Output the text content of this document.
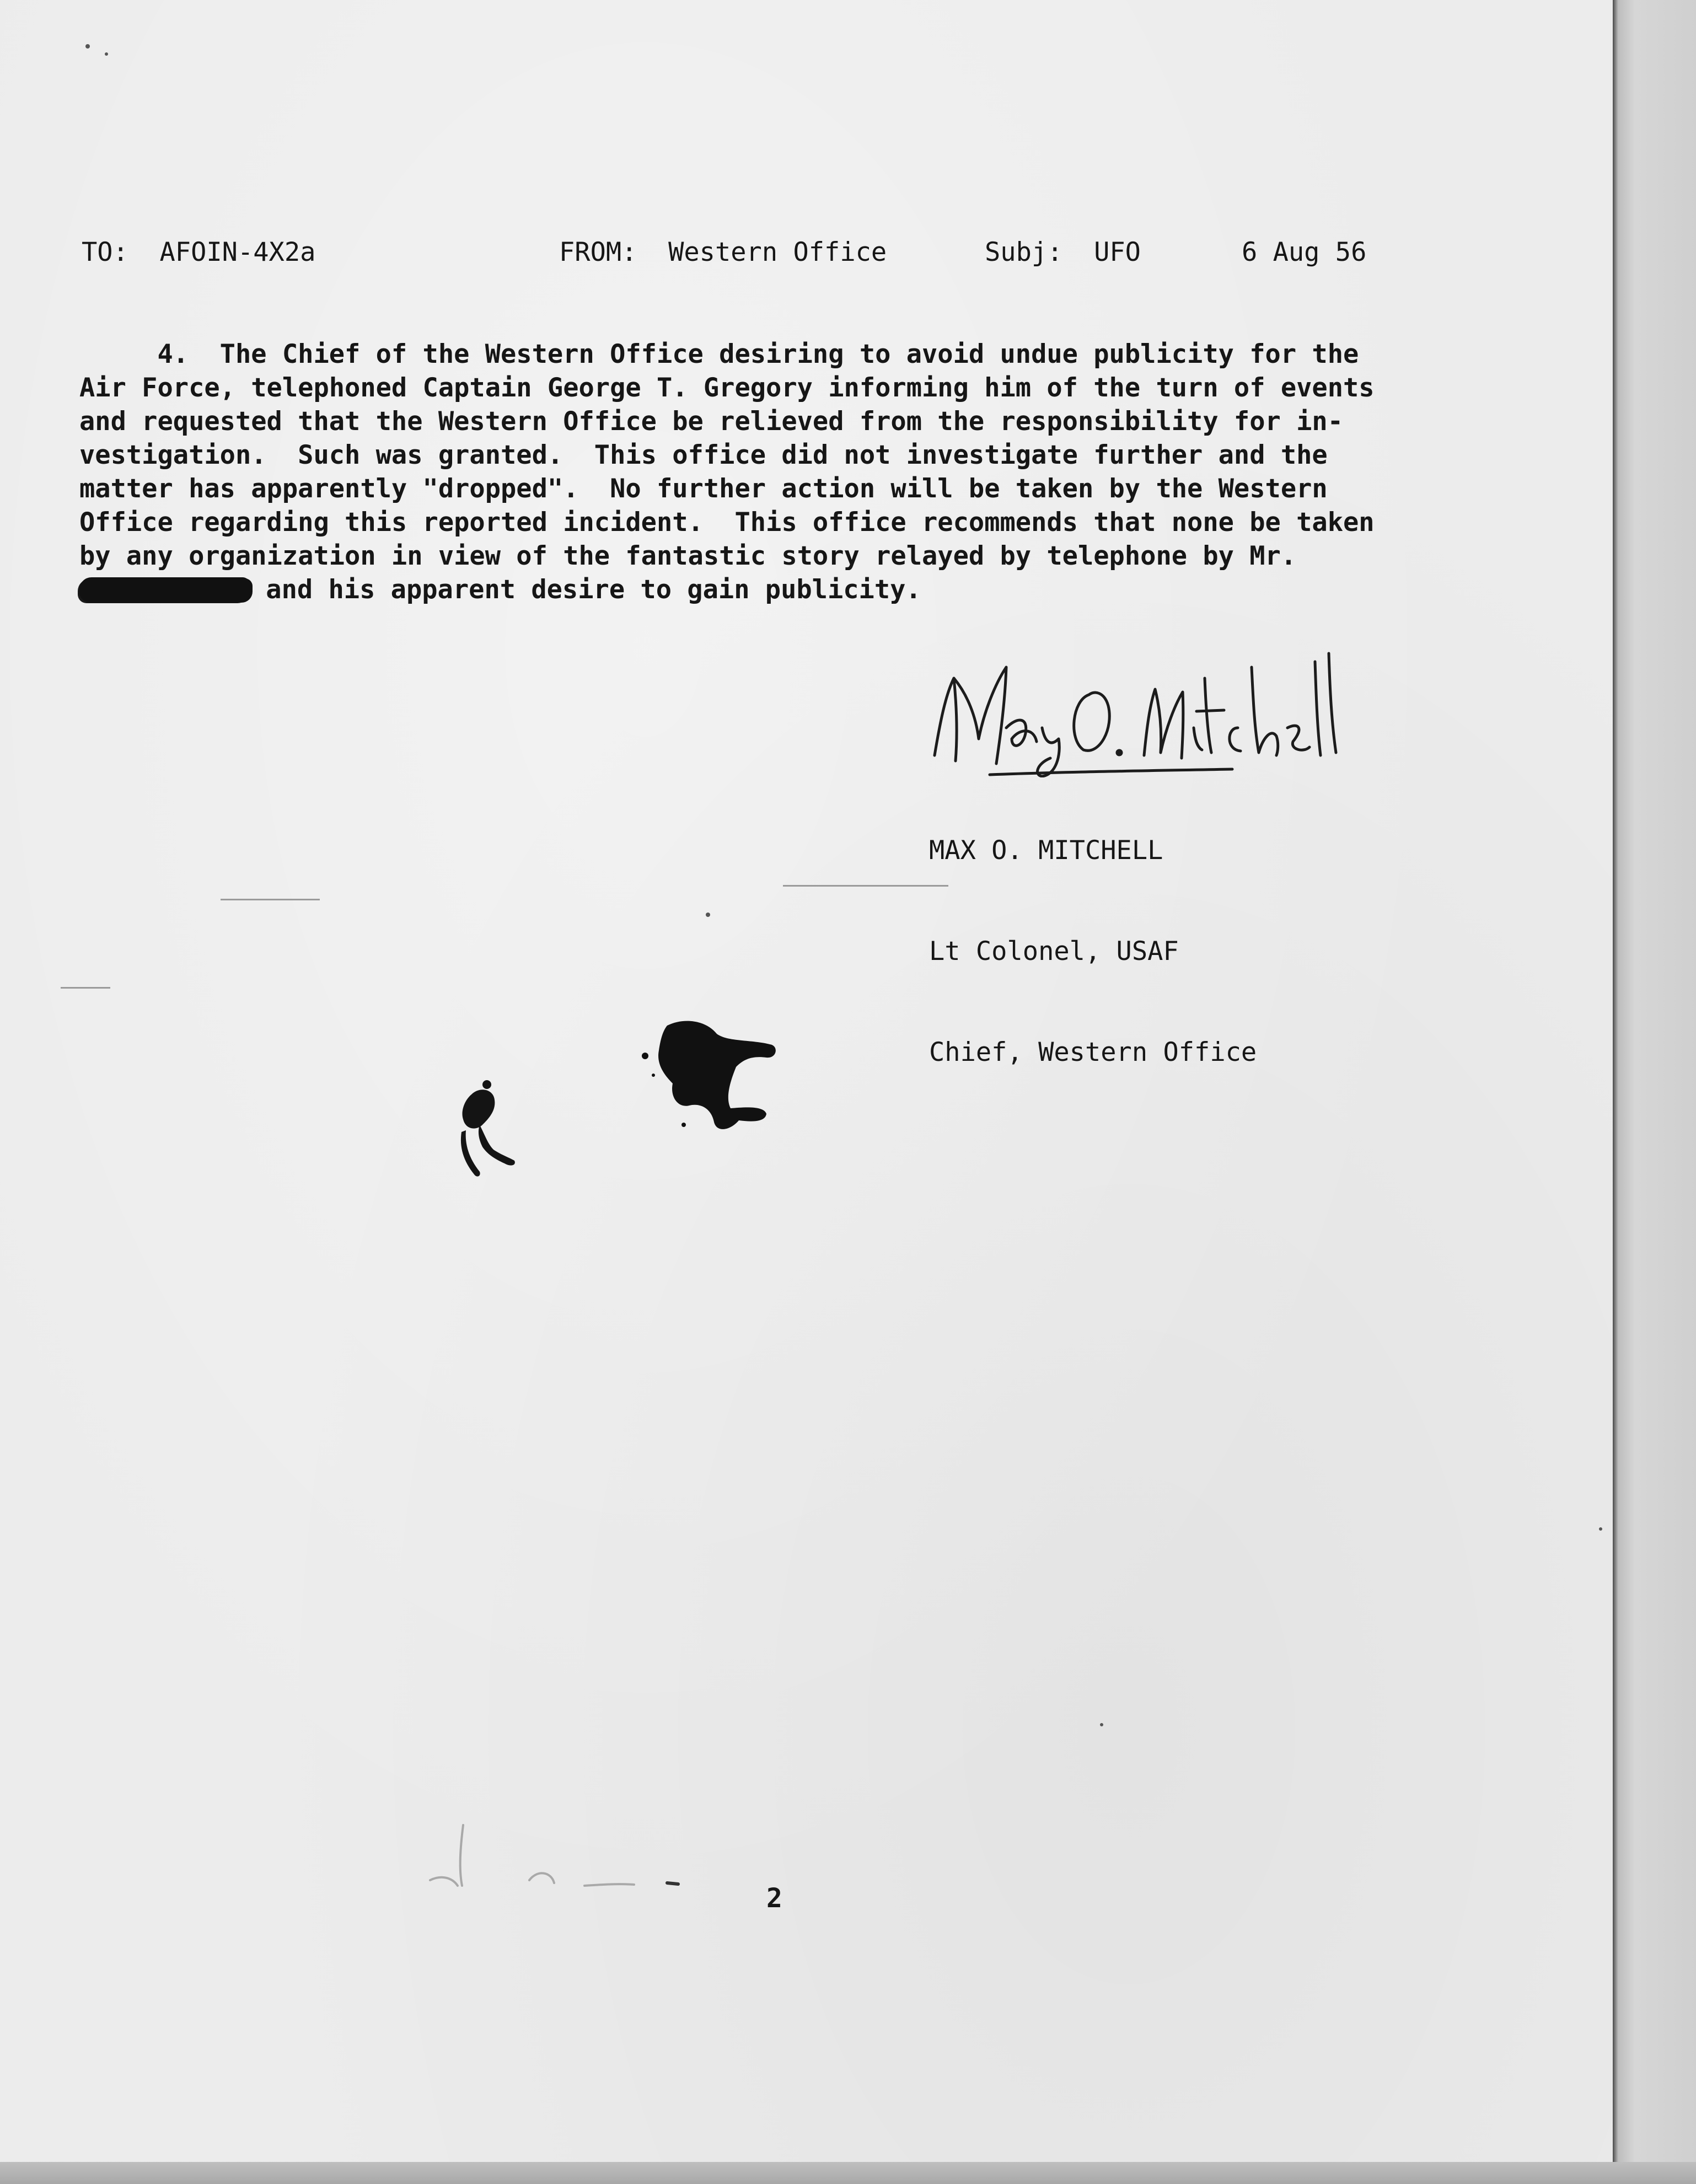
TO:  AFOIN-4X2a

	FROM:  Western Office

	Subj:  UFO

	6 Aug 56

4.  The Chief of the Western Office desiring to avoid undue publicity for the
Air Force, telephoned Captain George T. Gregory informing him of the turn of events
and requested that the Western Office be relieved from the responsibility for in-
vestigation.  Such was granted.  This office did not investigate further and the
matter has apparently "dropped".  No further action will be taken by the Western
Office regarding this reported incident.  This office recommends that none be taken
by any organization in view of the fantastic story relayed by telephone by Mr.
and his apparent desire to gain publicity.

MAX O. MITCHELL

Lt Colonel, USAF

Chief, Western Office

2
